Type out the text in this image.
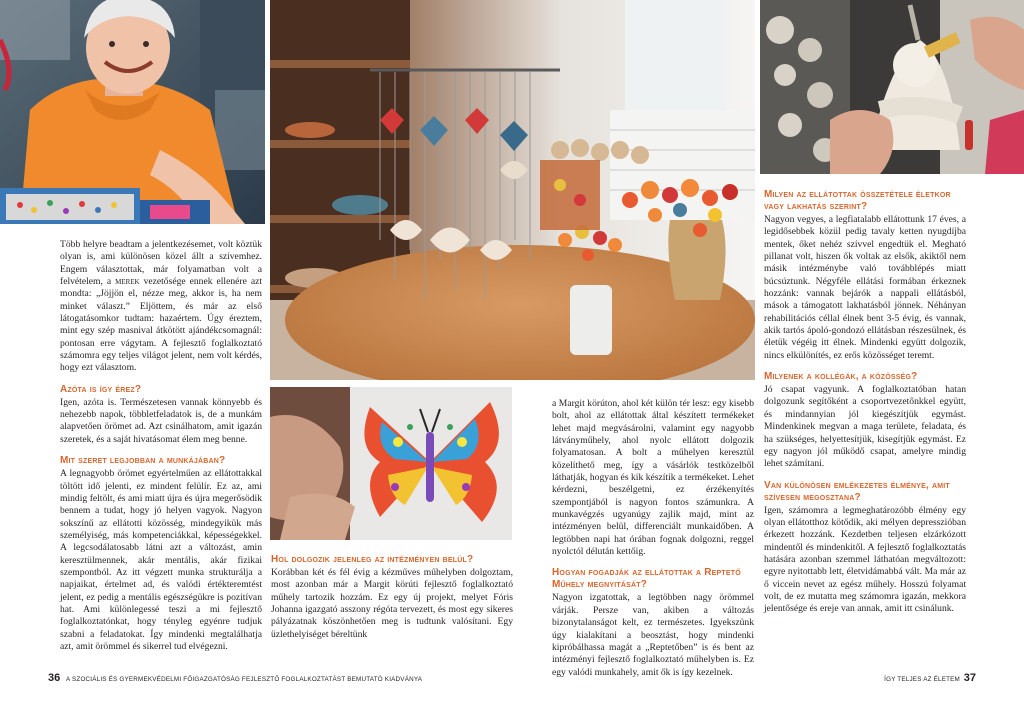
Több helyre beadtam a jelentkezésemet, volt köztük olyan is, ami különösen közel állt a szívemhez. Engem választottak, már folyamatban volt a felvételem, a merek vezetősége ennek ellenére azt mondta: „Jöjjön el, nézze meg, akkor is, ha nem minket választ.” Eljöttem, és már az első látogatásomkor tudtam: hazaértem. Úgy éreztem, mint egy szép masnival átkötött ajándékcsomagnál: pontosan erre vágytam. A fejlesztő foglalkoztató számomra egy teljes világot jelent, nem volt kérdés, hogy ezt választom.

Azóta is így érez?

Igen, azóta is. Természetesen vannak könnyebb és nehezebb napok, többletfeladatok is, de a munkám alapvetően örömet ad. Azt csinálhatom, amit igazán szeretek, és a saját hivatásomat élem meg benne.

Mit szeret legjobban a munkájában?

A legnagyobb örömet egyértelműen az ellátottakkal töltött idő jelenti, ez mindent felülír. Ez az, ami mindig feltölt, és ami miatt újra és újra megerősödik bennem a tudat, hogy jó helyen vagyok. Nagyon sokszínű az ellátotti közösség, mindegyikük más személyiség, más kompetenciákkal, képességekkel. A legcsodálatosabb látni azt a változást, amin keresztülmennek, akár mentális, akár fizikai szempontból. Az itt végzett munka strukturálja a napjaikat, értelmet ad, és valódi értékteremtést jelent, ez pedig a mentális egészségükre is pozitívan hat. Ami különlegessé teszi a mi fejlesztő foglalkoztatónkat, hogy tényleg egyénre tudjuk szabni a feladatokat. Így mindenki megtalálhatja azt, amit örömmel és sikerrel tud elvégezni.

Hol dolgozik jelenleg az intézményen belül?

Korábban két és fél évig a kézműves műhelyben dolgoztam, most azonban már a Margit körúti fejlesztő foglalkoztató műhely tartozik hozzám. Ez egy új projekt, melyet Fóris Johanna igazgató asszony régóta tervezett, és most egy sikeres pályázatnak köszönhetően meg is tudtunk valósítani. Egy üzlethelyiséget béreltünk

a Margit körúton, ahol két külön tér lesz: egy kisebb bolt, ahol az ellátottak által készített termékeket lehet majd megvásárolni, valamint egy nagyobb látványműhely, ahol nyolc ellátott dolgozik folyamatosan. A bolt a műhelyen keresztül közelíthető meg, így a vásárlók testközelből láthatják, hogyan és kik készítik a termékeket. Lehet kérdezni, beszélgetni, ez érzékenyítés szempontjából is nagyon fontos számunkra. A munkavégzés ugyanúgy zajlik majd, mint az intézményen belül, differenciált munkaidőben. A legtöbben napi hat órában fognak dolgozni, reggel nyolctól délután kettőig.

Hogyan fogadják az ellátottak a Reptető Műhely megnyitását?

Nagyon izgatottak, a legtöbben nagy örömmel várják. Persze van, akiben a változás bizonytalanságot kelt, ez természetes. Igyekszünk úgy kialakítani a beosztást, hogy mindenki kipróbálhassa magát a „Reptetőben” is és bent az intézményi fejlesztő foglalkoztató műhelyben is. Ez egy valódi munkahely, amit ők is így kezelnek.

Milyen az ellátottak összetétele életkor vagy lakhatás szerint?

Nagyon vegyes, a legfiatalabb ellátottunk 17 éves, a legidősebbek közül pedig tavaly ketten nyugdíjba mentek, őket nehéz szívvel engedtük el. Megható pillanat volt, hiszen ők voltak az elsők, akiktől nem másik intézménybe való továbblépés miatt búcsúztunk. Négyféle ellátási formában érkeznek hozzánk: vannak bejárók a nappali ellátásból, mások a támogatott lakhatásból jönnek. Néhányan rehabilitációs céllal élnek bent 3-5 évig, és vannak, akik tartós ápoló-gondozó ellátásban részesülnek, és életük végéig itt élnek. Mindenki együtt dolgozik, nincs elkülönítés, ez erős közösséget teremt.

Milyenek a kollégák, a közösség?

Jó csapat vagyunk. A foglalkoztatóban hatan dolgozunk segítőként a csoportvezetőnkkel együtt, és mindannyian jól kiegészítjük egymást. Mindenkinek megvan a maga területe, feladata, és ha szükséges, helyettesítjük, kisegítjük egymást. Ez egy nagyon jól működő csapat, amelyre mindig lehet számítani.

Van különösen emlékezetes élménye, amit szívesen megosztana?

Igen, számomra a legmeghatározóbb élmény egy olyan ellátotthoz kötődik, aki mélyen depresszióban érkezett hozzánk. Kezdetben teljesen elzárkózott mindentől és mindenkitől. A fejlesztő foglalkoztatás hatására azonban szemmel láthatóan megváltozott: egyre nyitottabb lett, életvidámabbá vált. Ma már az ő viccein nevet az egész műhely. Hosszú folyamat volt, de ez mutatta meg számomra igazán, mekkora jelentősége és ereje van annak, amit itt csinálunk.

36 A SZOCIÁLIS ÉS GYERMEKVÉDELMI FŐIGAZGATÓSÁG FEJLESZTŐ FOGLALKOZTATÁST BEMUTATÓ KIADVÁNYA	ÍGY TELJES AZ ÉLETEM 37
